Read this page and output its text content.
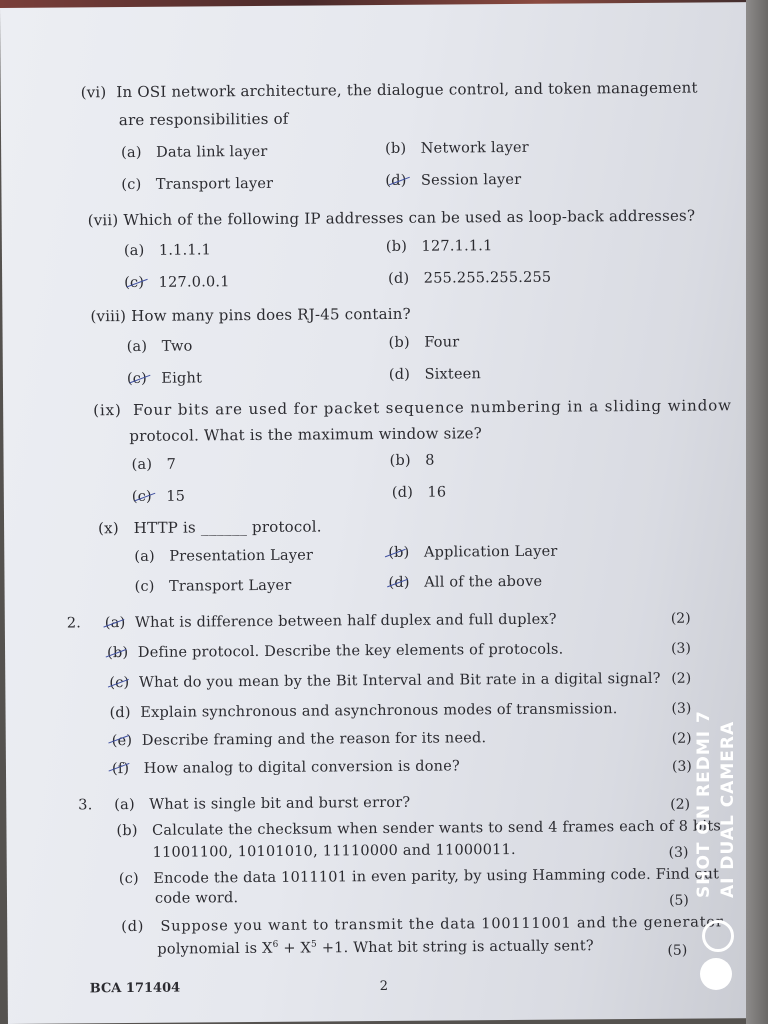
(vi) In OSI network architecture, the dialogue control, and token management
are responsibilities of
(a) Data link layer	(b) Network layer
(c) Transport layer	(d) Session layer
(vii) Which of the following IP addresses can be used as loop-back addresses?
(a) 1.1.1.1	(b) 127.1.1.1
(c) 127.0.0.1	(d) 255.255.255.255
(viii) How many pins does RJ-45 contain?
(a) Two	(b) Four
(c) Eight	(d) Sixteen
(ix) Four bits are used for packet sequence numbering in a sliding window
protocol. What is the maximum window size?
(a) 7	(b) 8
(c) 15	(d) 16
(x) HTTP is ______ protocol.
(a) Presentation Layer	(b) Application Layer
(c) Transport Layer	(d) All of the above
2. (a) What is difference between half duplex and full duplex?	(2)
(b) Define protocol. Describe the key elements of protocols.	(3)
(c) What do you mean by the Bit Interval and Bit rate in a digital signal? (2)
(d) Explain synchronous and asynchronous modes of transmission.	(3)
(e) Describe framing and the reason for its need.	(2)
(f) How analog to digital conversion is done?	(3)
3. (a) What is single bit and burst error?	(2)
(b) Calculate the checksum when sender wants to send 4 frames each of 8 bits
11001100, 10101010, 11110000 and 11000011.	(3)
(c) Encode the data 1011101 in even parity, by using Hamming code. Find out
code word.	(5)
(d) Suppose you want to transmit the data 100111001 and the generator
polynomial is $X^6 + X^5 +1$. What bit string is actually sent?	(5)
BCA 171404	2
SHOT ON REDMI 7 AI DUAL CAMERA
